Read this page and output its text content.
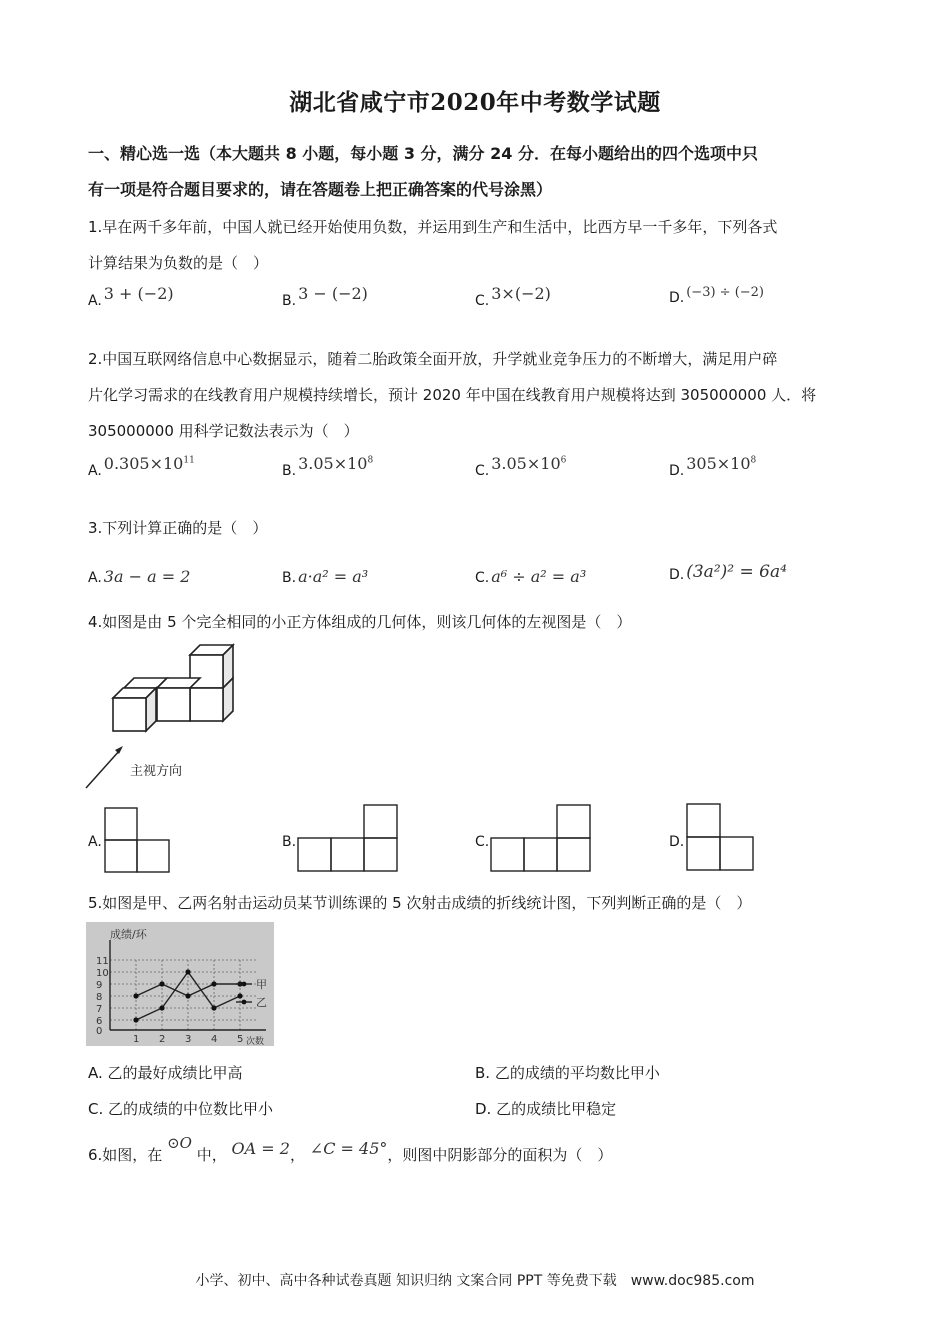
湖北省咸宁市2020年中考数学试题
一、精心选一选（本大题共 8 小题，每小题 3 分，满分 24 分．在每小题给出的四个选项中只
有一项是符合题目要求的，请在答题卷上把正确答案的代号涂黑）
1.早在两千多年前，中国人就已经开始使用负数，并运用到生产和生活中，比西方早一千多年，下列各式
计算结果为负数的是（　）
A. 3 + (−2)	B. 3 − (−2)	C. 3×(−2)	D. (−3) ÷ (−2)
2.中国互联网络信息中心数据显示，随着二胎政策全面开放，升学就业竞争压力的不断增大，满足用户碎
片化学习需求的在线教育用户规模持续增长，预计 2020 年中国在线教育用户规模将达到 305000000 人．将
305000000 用科学记数法表示为（　）
A. $0.305\times 10^{11}$
B. $3.05\times 10^8$
C. $3.05\times 10^6$
D. $305\times 10^8$
3.下列计算正确的是（　）
A. 3a − a = 2	B. a·a² = a³	C. a⁶ ÷ a² = a³	D. (3a²)² = 6a⁴
4.如图是由 5 个完全相同的小正方体组成的几何体，则该几何体的左视图是（　）
主视方向
A.	B.	C.	D.
5.如图是甲、乙两名射击运动员某节训练课的 5 次射击成绩的折线统计图，下列判断正确的是（　）
成绩/环
次数
甲
乙
11
10
9
8
7
6
0
1 2 3 4 5
A. 乙的最好成绩比甲高	B. 乙的成绩的平均数比甲小
C. 乙的成绩的中位数比甲小	D. 乙的成绩比甲稳定
6.如图，在 ⊙O 中， OA = 2， ∠C = 45°，则图中阴影部分的面积为（　）
小学、初中、高中各种试卷真题 知识归纳 文案合同 PPT 等免费下载　www.doc985.com
